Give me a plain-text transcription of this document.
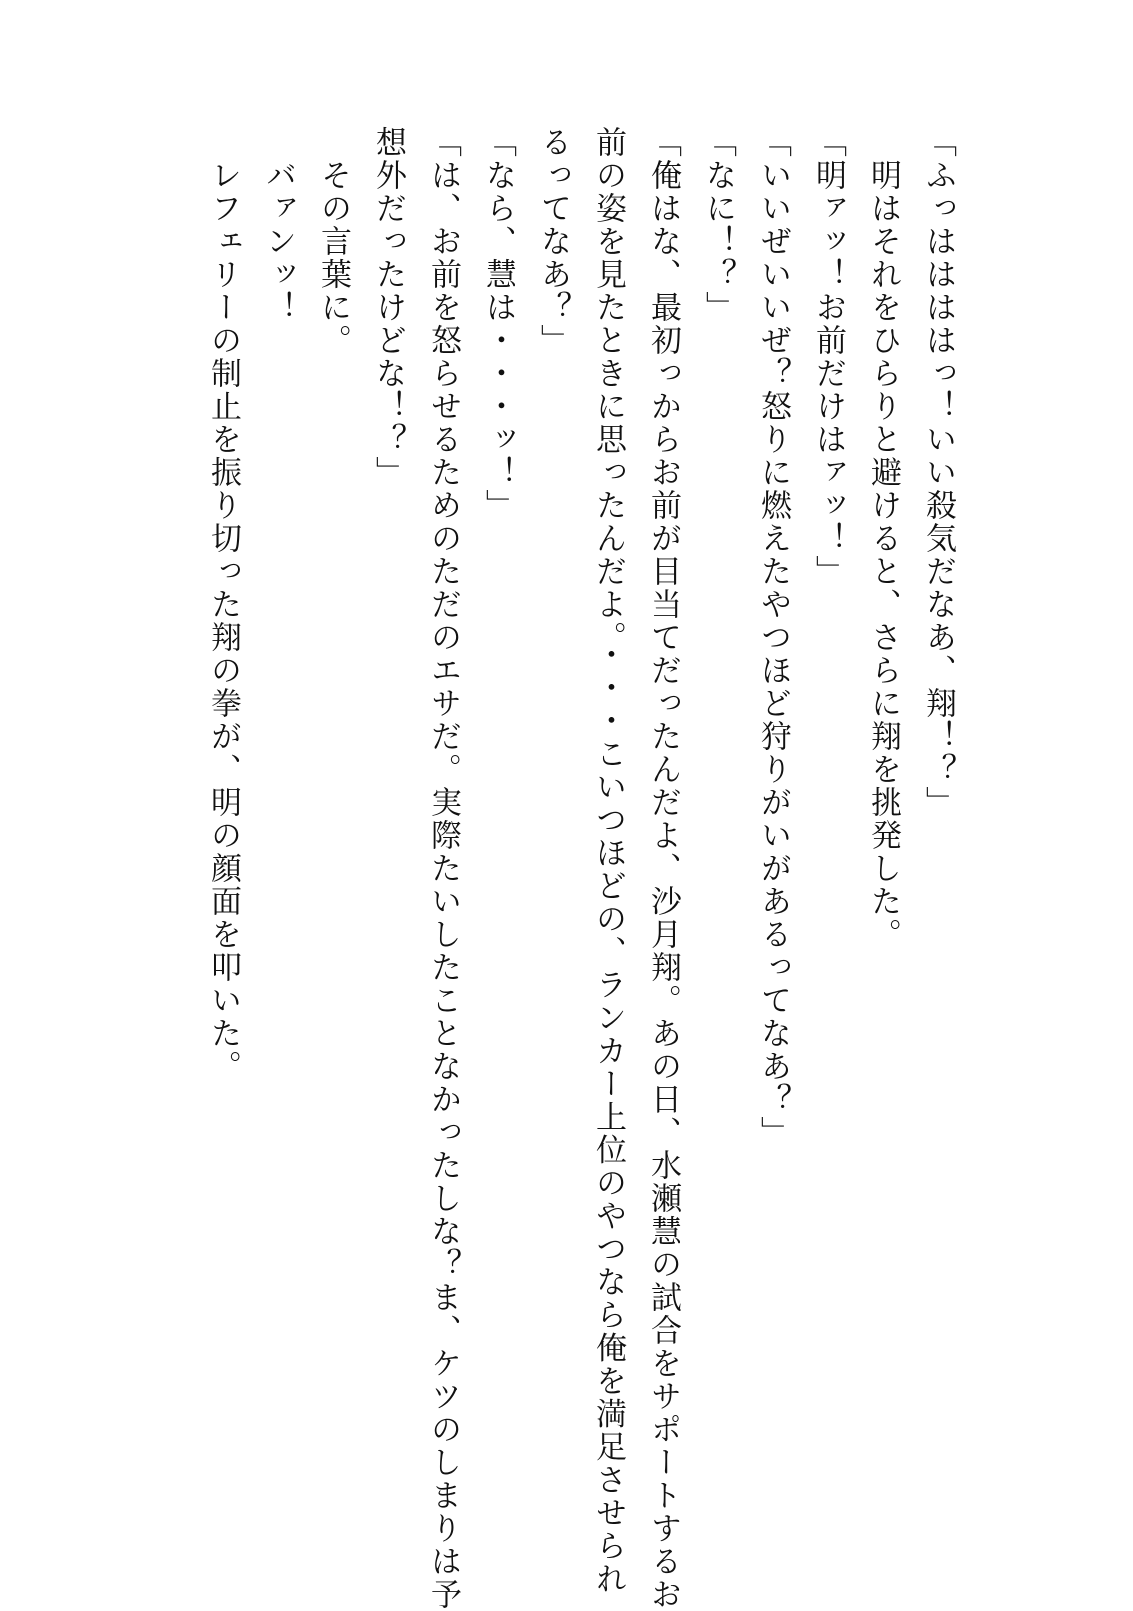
「ふっははははっ！いい殺気だなあ、翔！？」
　明はそれをひらりと避けると、さらに翔を挑発した。
「明ァッ！お前だけはァッ！」
「いいぜいいぜ？怒りに燃えたやつほど狩りがいがあるってなあ？」
「なに！？」
「俺はな、最初っからお前が目当てだったんだよ、沙月翔。あの日、水瀬慧の試合をサポートするお
前の姿を見たときに思ったんだよ。・・・こいつほどの、ランカー上位のやつなら俺を満足させられ
るってなあ？」
「なら、慧は・・・ッ！」
「は、お前を怒らせるためのただのエサだ。実際たいしたことなかったしな？ま、ケツのしまりは予
想外だったけどな！？」
　その言葉に。
　バァンッ！
　レフェリーの制止を振り切った翔の拳が、明の顔面を叩いた。
